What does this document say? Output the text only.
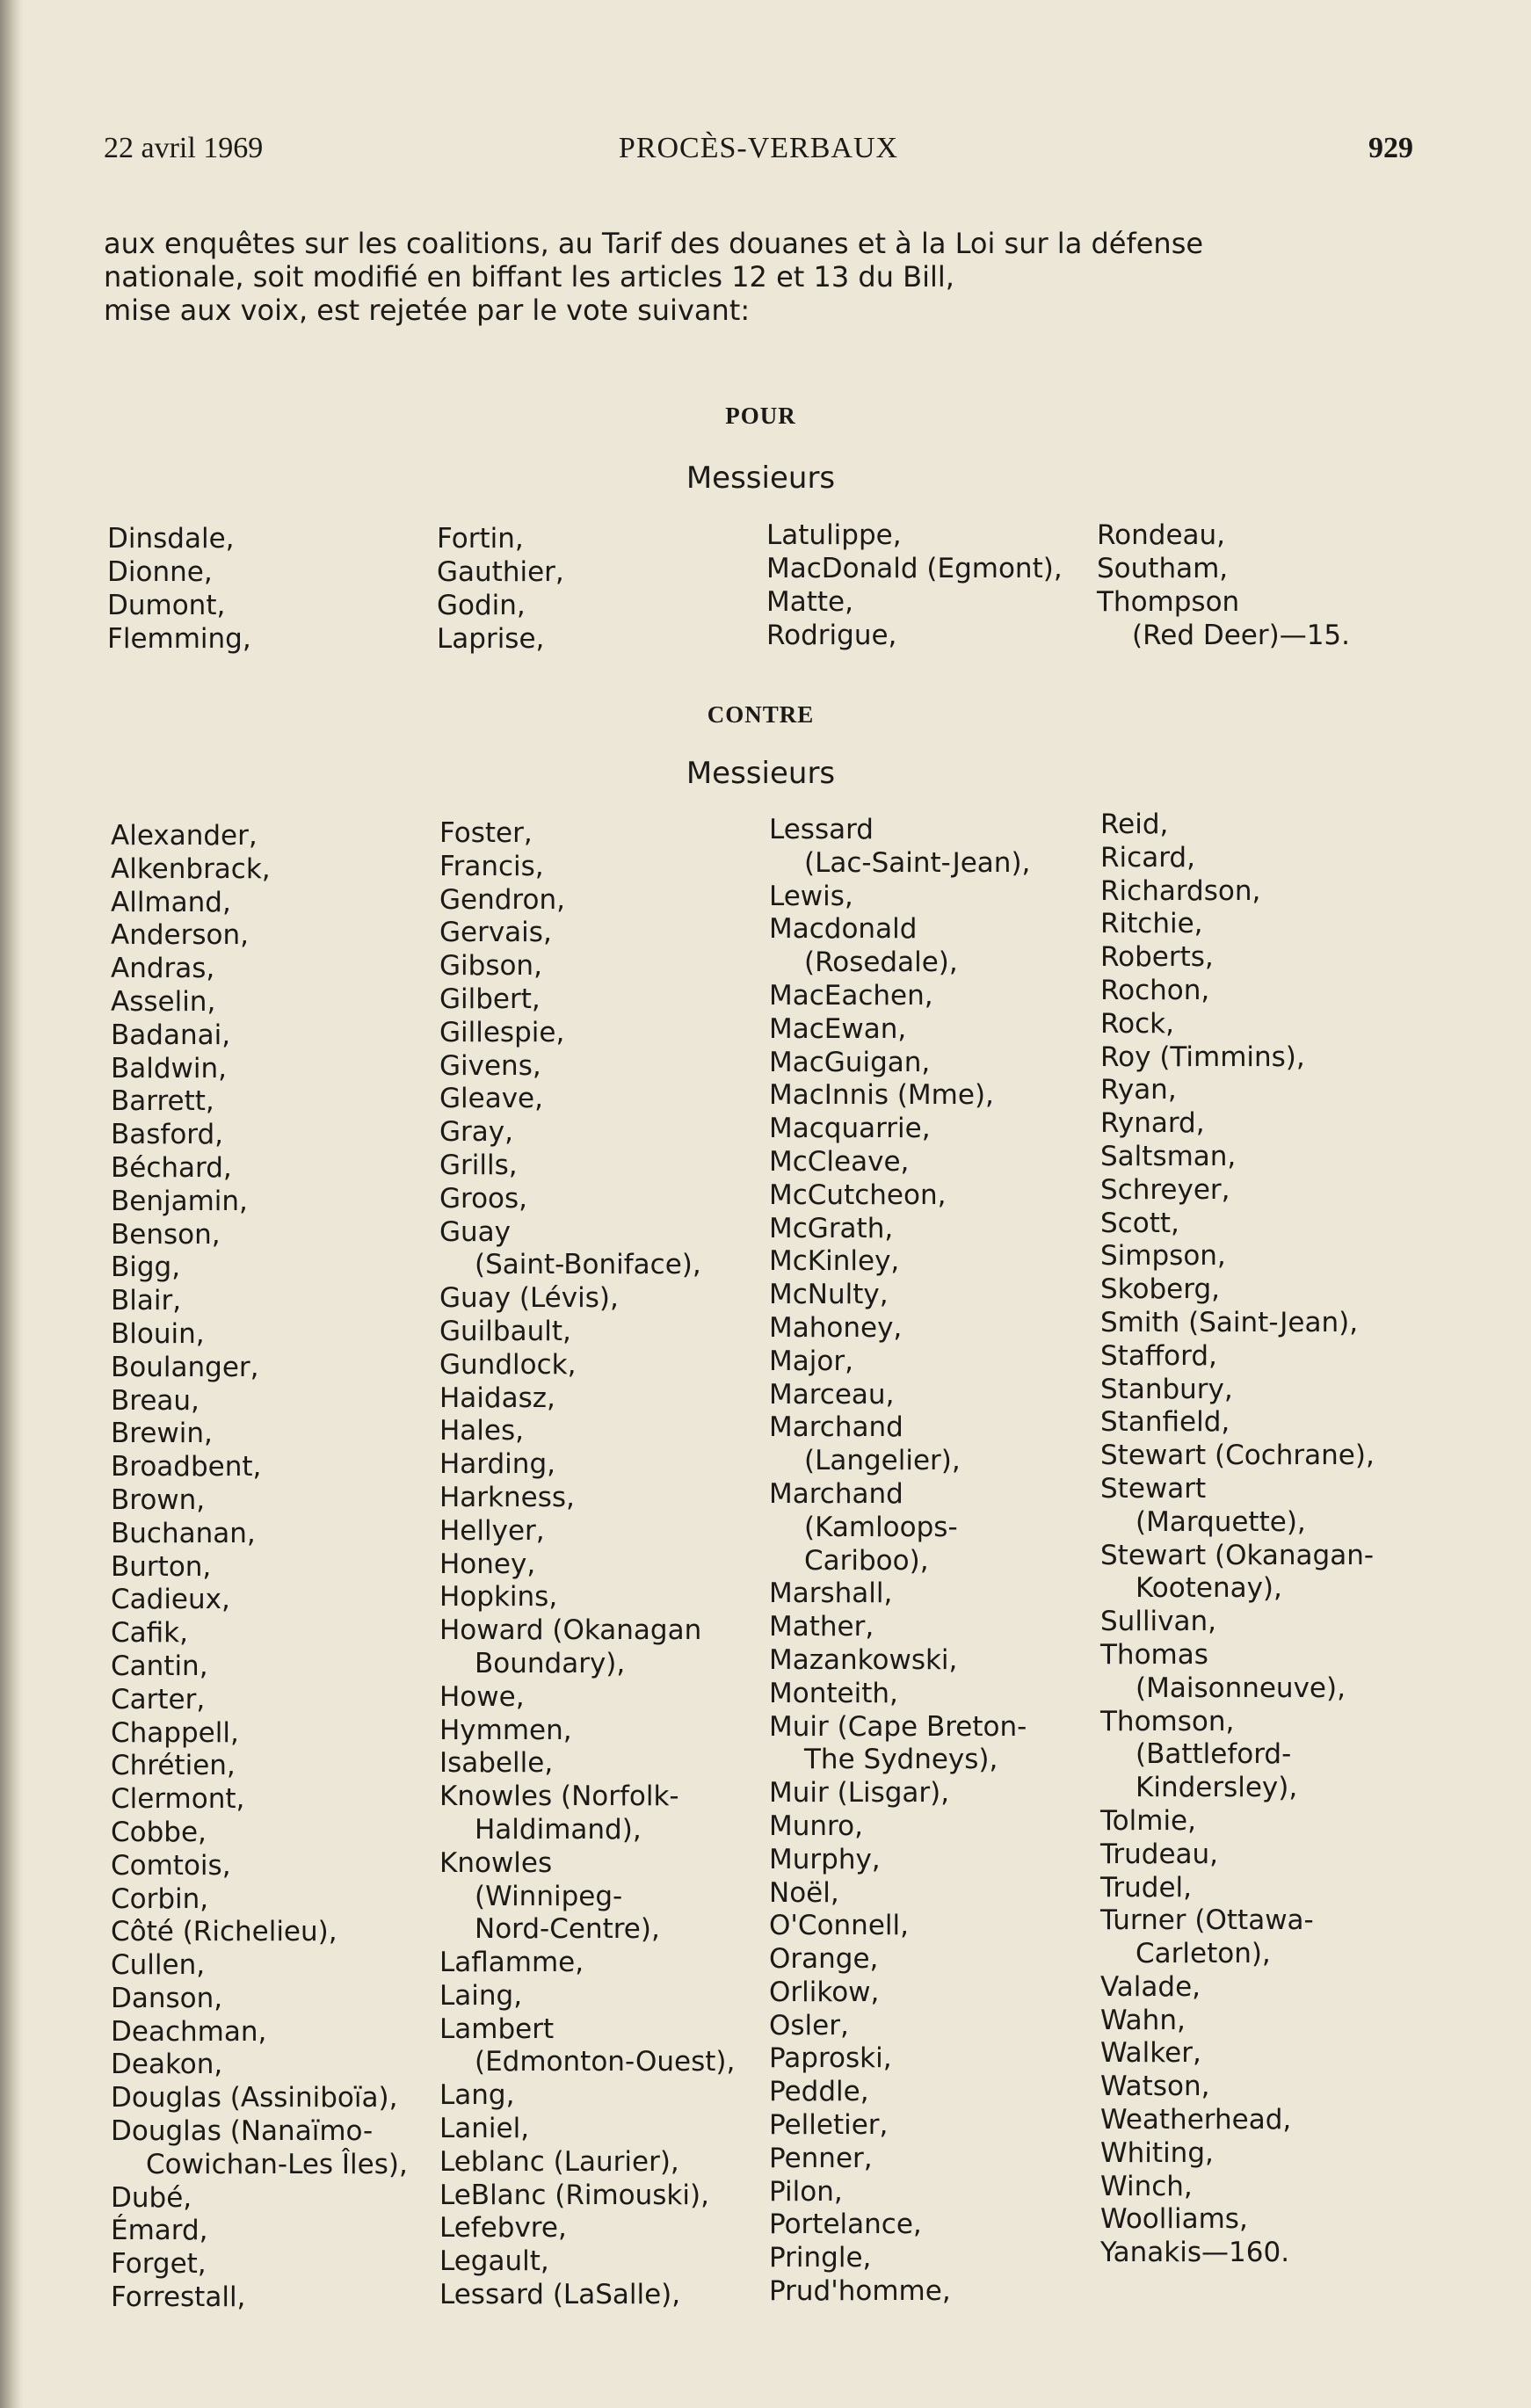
22 avril 1969	PROCÈS-VERBAUX	929

aux enquêtes sur les coalitions, au Tarif des douanes et à la Loi sur la défense

nationale, soit modifié en biffant les articles 12 et 13 du Bill,

mise aux voix, est rejetée par le vote suivant:

POUR
Messieurs
Dinsdale,
Dionne,
Dumont,
Flemming,
Fortin,
Gauthier,
Godin,
Laprise,
Latulippe,
MacDonald (Egmont),
Matte,
Rodrigue,
Rondeau,
Southam,
Thompson
(Red Deer)—15.
CONTRE
Messieurs
Alexander,
Alkenbrack,
Allmand,
Anderson,
Andras,
Asselin,
Badanai,
Baldwin,
Barrett,
Basford,
Béchard,
Benjamin,
Benson,
Bigg,
Blair,
Blouin,
Boulanger,
Breau,
Brewin,
Broadbent,
Brown,
Buchanan,
Burton,
Cadieux,
Cafik,
Cantin,
Carter,
Chappell,
Chrétien,
Clermont,
Cobbe,
Comtois,
Corbin,
Côté (Richelieu),
Cullen,
Danson,
Deachman,
Deakon,
Douglas (Assiniboïa),
Douglas (Nanaïmo-
Cowichan-Les Îles),
Dubé,
Émard,
Forget,
Forrestall,
Foster,
Francis,
Gendron,
Gervais,
Gibson,
Gilbert,
Gillespie,
Givens,
Gleave,
Gray,
Grills,
Groos,
Guay
(Saint-Boniface),
Guay (Lévis),
Guilbault,
Gundlock,
Haidasz,
Hales,
Harding,
Harkness,
Hellyer,
Honey,
Hopkins,
Howard (Okanagan
Boundary),
Howe,
Hymmen,
Isabelle,
Knowles (Norfolk-
Haldimand),
Knowles
(Winnipeg-
Nord-Centre),
Laflamme,
Laing,
Lambert
(Edmonton-Ouest),
Lang,
Laniel,
Leblanc (Laurier),
LeBlanc (Rimouski),
Lefebvre,
Legault,
Lessard (LaSalle),
Lessard
(Lac-Saint-Jean),
Lewis,
Macdonald
(Rosedale),
MacEachen,
MacEwan,
MacGuigan,
MacInnis (Mme),
Macquarrie,
McCleave,
McCutcheon,
McGrath,
McKinley,
McNulty,
Mahoney,
Major,
Marceau,
Marchand
(Langelier),
Marchand
(Kamloops-
Cariboo),
Marshall,
Mather,
Mazankowski,
Monteith,
Muir (Cape Breton-
The Sydneys),
Muir (Lisgar),
Munro,
Murphy,
Noël,
O'Connell,
Orange,
Orlikow,
Osler,
Paproski,
Peddle,
Pelletier,
Penner,
Pilon,
Portelance,
Pringle,
Prud'homme,
Reid,
Ricard,
Richardson,
Ritchie,
Roberts,
Rochon,
Rock,
Roy (Timmins),
Ryan,
Rynard,
Saltsman,
Schreyer,
Scott,
Simpson,
Skoberg,
Smith (Saint-Jean),
Stafford,
Stanbury,
Stanfield,
Stewart (Cochrane),
Stewart
(Marquette),
Stewart (Okanagan-
Kootenay),
Sullivan,
Thomas
(Maisonneuve),
Thomson,
(Battleford-
Kindersley),
Tolmie,
Trudeau,
Trudel,
Turner (Ottawa-
Carleton),
Valade,
Wahn,
Walker,
Watson,
Weatherhead,
Whiting,
Winch,
Woolliams,
Yanakis—160.
